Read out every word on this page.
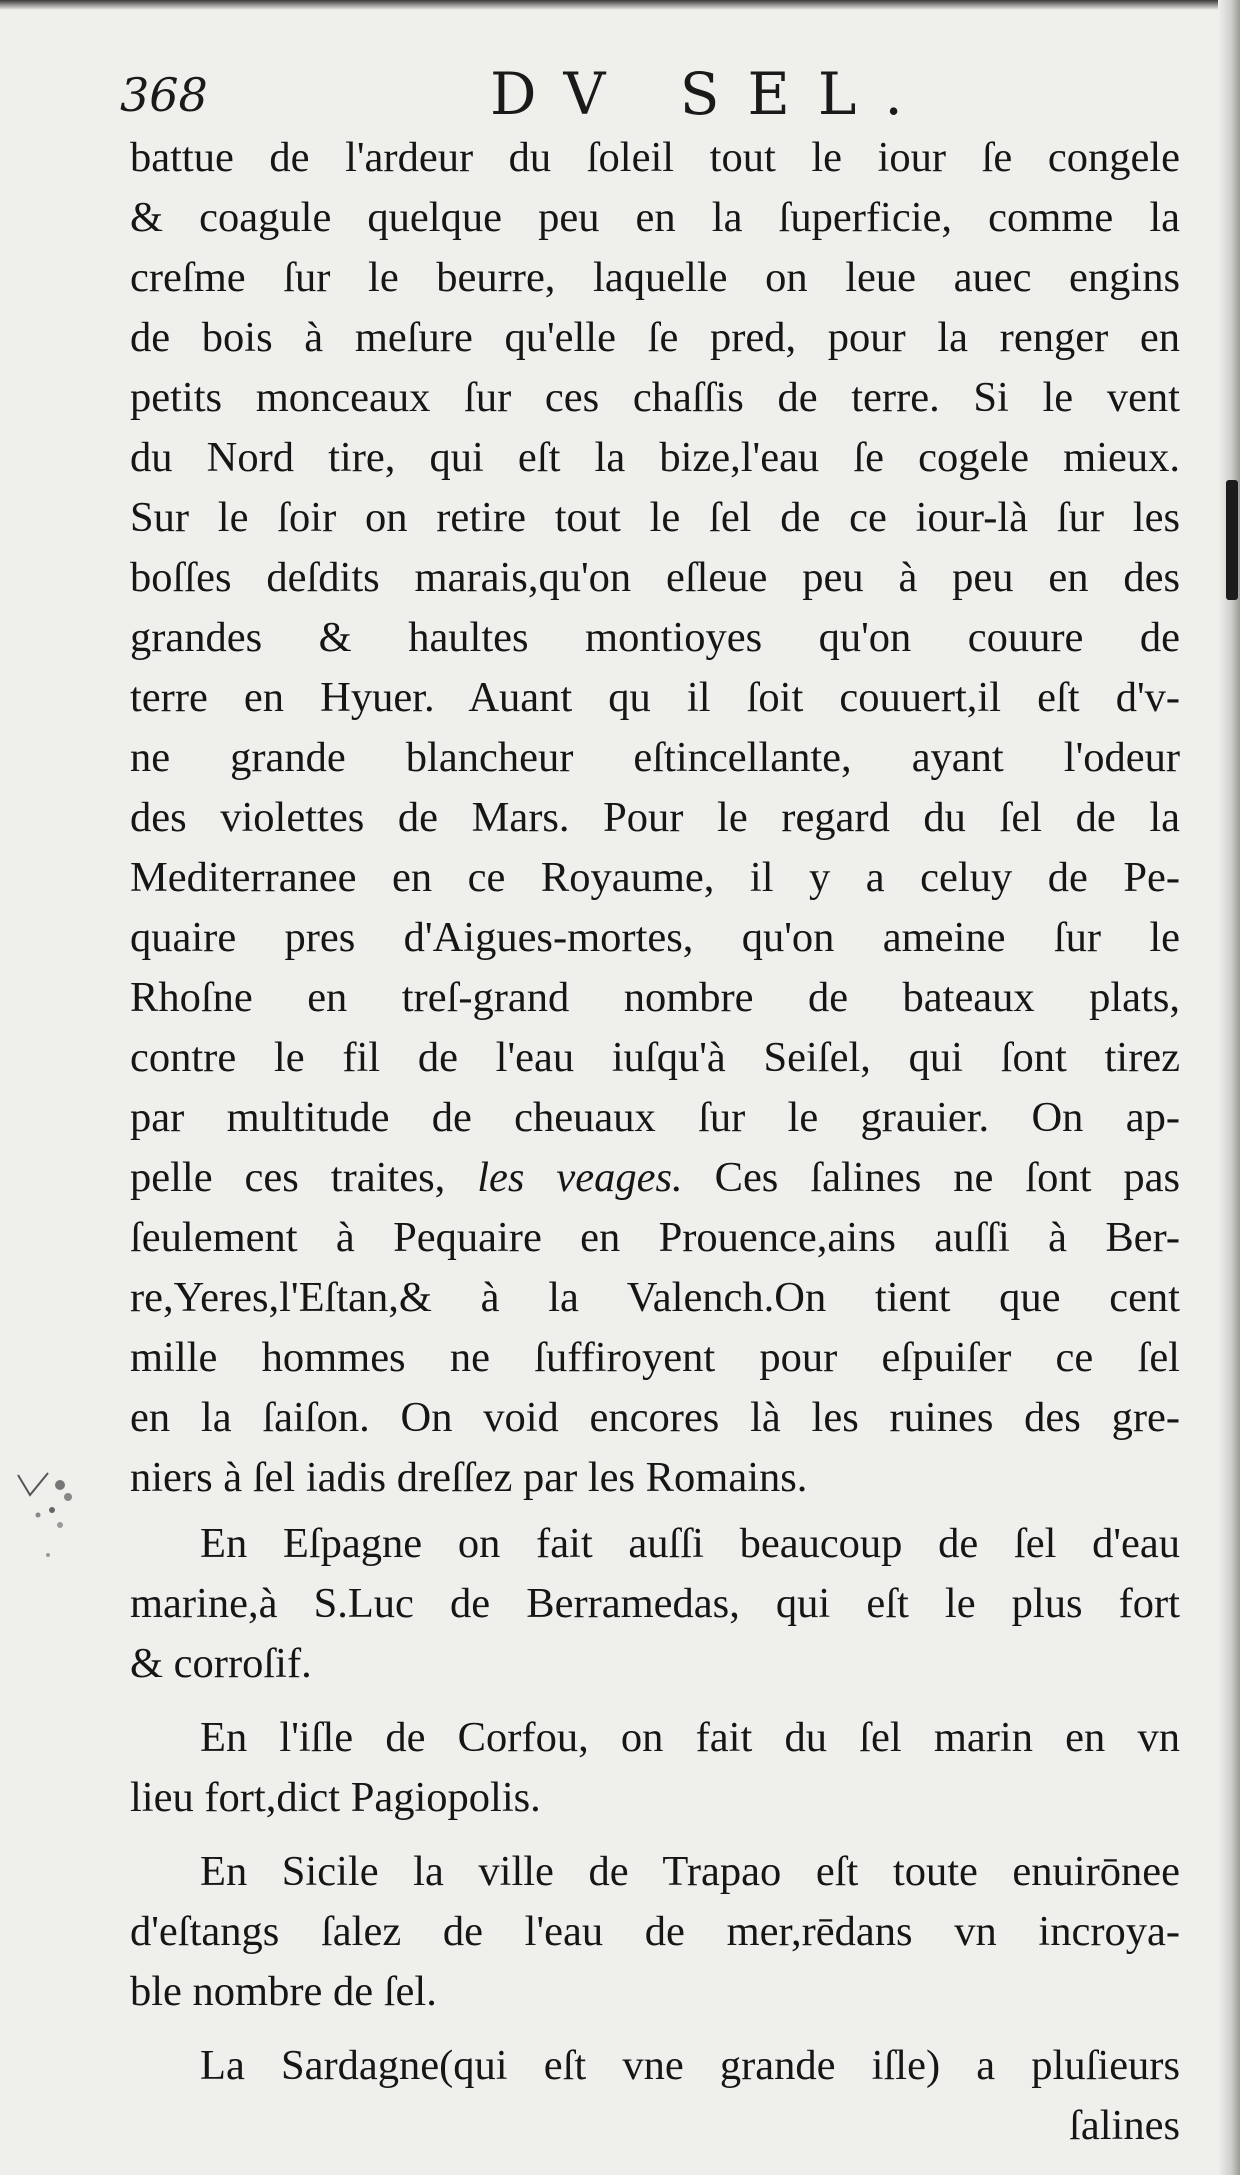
368	DV SEL.
battue de l'ardeur du ſoleil tout le iour ſe congele
& coagule quelque peu en la ſuperficie, comme la
creſme ſur le beurre, laquelle on leue auec engins
de bois à meſure qu'elle ſe pred, pour la renger en
petits monceaux ſur ces chaſſis de terre. Si le vent
du Nord tire, qui eſt la bize,l'eau ſe cogele mieux.
Sur le ſoir on retire tout le ſel de ce iour-là ſur les
boſſes deſdits marais,qu'on eſleue peu à peu en des
grandes & haultes montioyes qu'on couure de
terre en Hyuer. Auant qu il ſoit couuert,il eſt d'v-
ne grande blancheur eſtincellante, ayant l'odeur
des violettes de Mars. Pour le regard du ſel de la
Mediterranee en ce Royaume, il y a celuy de Pe-
quaire pres d'Aigues-mortes, qu'on ameine ſur le
Rhoſne en treſ-grand nombre de bateaux plats,
contre le fil de l'eau iuſqu'à Seiſel, qui ſont tirez
par multitude de cheuaux ſur le grauier. On ap-
pelle ces traites, les veages. Ces ſalines ne ſont pas
ſeulement à Pequaire en Prouence,ains auſſi à Ber-
re,Yeres,l'Eſtan,& à la Valench.On tient que cent
mille hommes ne ſuffiroyent pour eſpuiſer ce ſel
en la ſaiſon. On void encores là les ruines des gre-
niers à ſel iadis dreſſez par les Romains.
En Eſpagne on fait auſſi beaucoup de ſel d'eau
marine,à S.Luc de Berramedas, qui eſt le plus fort
& corroſif.
En l'iſle de Corfou, on fait du ſel marin en vn
lieu fort,dict Pagiopolis.
En Sicile la ville de Trapao eſt toute enuirōnee
d'eſtangs ſalez de l'eau de mer,rēdans vn incroya-
ble nombre de ſel.
La Sardagne(qui eſt vne grande iſle) a pluſieurs
ſalines
